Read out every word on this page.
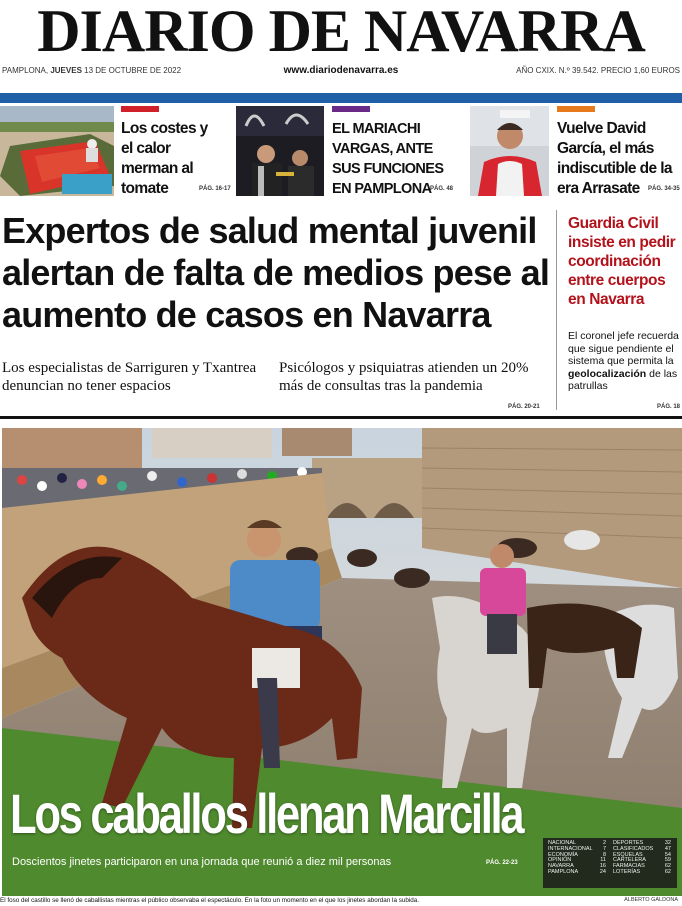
DIARIO DE NAVARRA
PAMPLONA, JUEVES 13 DE OCTUBRE DE 2022	www.diariodenavarra.es	AÑO CXIX. N.º 39.542. PRECIO 1,60 EUROS
Los costes y el calor merman al tomate	PÁG. 16-17
EL MARIACHI VARGAS, ANTE SUS FUNCIONES EN PAMPLONA
PÁG. 48
Vuelve David García, el más indiscutible de la era Arrasate	PÁG. 34-35
Expertos de salud mental juvenil alertan de falta de medios pese al aumento de casos en Navarra
Los especialistas de Sarriguren y Txantrea denuncian no tener espacios
Psicólogos y psiquiatras atienden un 20% más de consultas tras la pandemia
PÁG. 20-21
Guardia Civil insiste en pedir coordinación entre cuerpos en Navarra
El coronel jefe recuerda que sigue pendiente el sistema que permita la geolocalización de las patrullas
PÁG. 18
Los caballos llenan Marcilla
Doscientos jinetes participaron en una jornada que reunió a diez mil personas	PÁG. 22-23
NACIONAL	2
INTERNACIONAL	7
ECONOMÍA	8
OPINIÓN	11
NAVARRA	16
PAMPLONA	24
DEPORTES	32
CLASIFICADOS	47
ESQUELAS	54
CARTELERA	59
FARMACIAS	62
LOTERÍAS	62
El foso del castillo se llenó de caballistas mientras el público observaba el espectáculo. En la foto un momento en el que los jinetes abordan la subida.	ALBERTO GALDONA
